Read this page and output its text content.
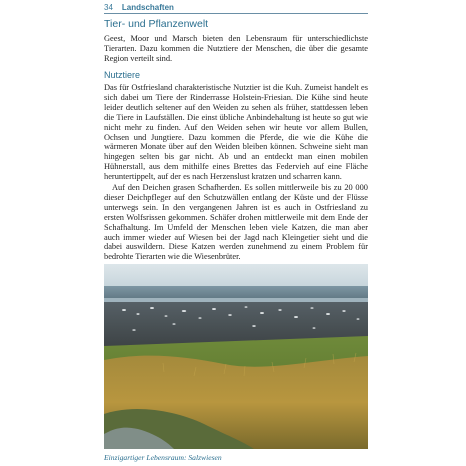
34 Landschaften
Tier- und Pflanzenwelt

Geest, Moor und Marsch bieten den Lebensraum für unterschiedlichste Tierarten. Dazu kommen die Nutztiere der Menschen, die über die gesamte Region verteilt sind.

Nutztiere

Das für Ostfriesland charakteristische Nutztier ist die Kuh. Zumeist handelt es sich dabei um Tiere der Rinderrasse Holstein-Friesian. Die Kühe sind heute leider deutlich seltener auf den Weiden zu sehen als früher, stattdessen leben die Tiere in Laufställen. Die einst übliche Anbindehaltung ist heute so gut wie nicht mehr zu finden. Auf den Weiden sehen wir heute vor allem Bullen, Ochsen und Jungtiere. Dazu kommen die Pferde, die wie die Kühe die wärmeren Monate über auf den Weiden bleiben können. Schweine sieht man hingegen selten bis gar nicht. Ab und an entdeckt man einen mobilen Hühnerstall, aus dem mithilfe eines Brettes das Federvieh auf eine Fläche heruntertippelt, auf der es nach Herzenslust kratzen und scharren kann.

Auf den Deichen grasen Schafherden. Es sollen mittlerweile bis zu 20 000 dieser Deichpfleger auf den Schutzwällen entlang der Küste und der Flüsse unterwegs sein. In den vergangenen Jahren ist es auch in Ostfriesland zu ersten Wolfsrissen gekommen. Schäfer drohen mittlerweile mit dem Ende der Schafhaltung. Im Umfeld der Menschen leben viele Katzen, die man aber auch immer wieder auf Wiesen bei der Jagd nach Kleingetier sieht und die dabei auswildern. Diese Katzen werden zunehmend zu einem Problem für bedrohte Tierarten wie die Wiesenbrüter.

Einzigartiger Lebensraum: Salzwiesen
